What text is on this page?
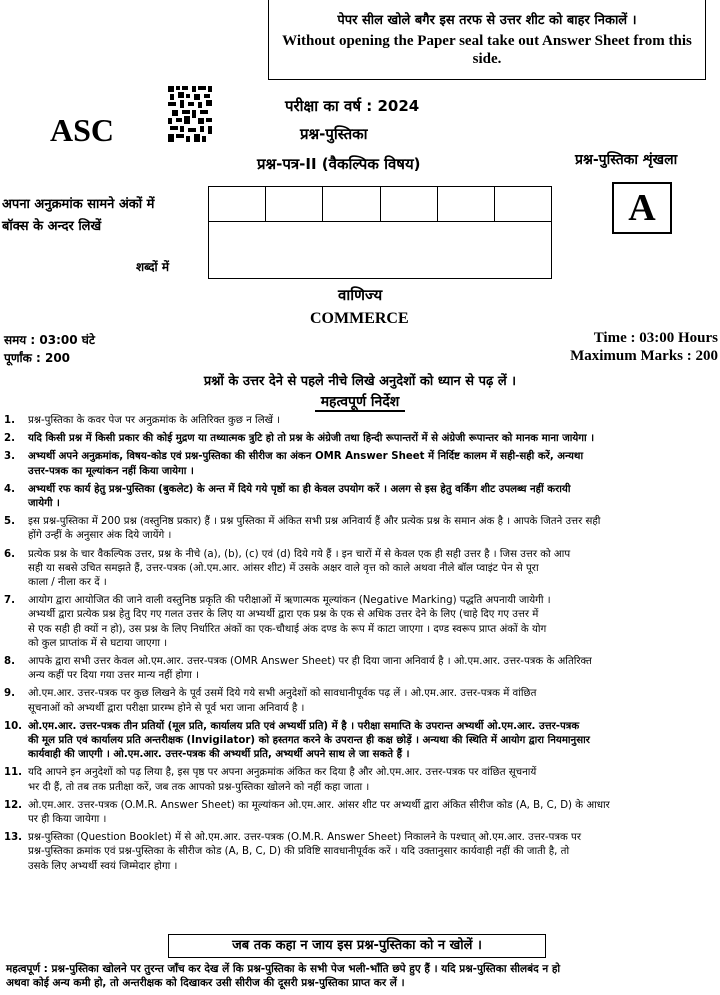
पेपर सील खोले बगैर इस तरफ से उत्तर शीट को बाहर निकालें ।
Without opening the Paper seal take out Answer Sheet from this side.
ASC
परीक्षा का वर्ष : 2024
प्रश्न-पुस्तिका
प्रश्न-पत्र-II (वैकल्पिक विषय)	प्रश्न-पुस्तिका शृंखला
A
अपना अनुक्रमांक सामने अंकों में
बॉक्स के अन्दर लिखें
शब्दों में
वाणिज्य
COMMERCE
समय : 03:00 घंटे
पूर्णांक : 200
Time : 03:00 Hours
Maximum Marks : 200
प्रश्नों के उत्तर देने से पहले नीचे लिखे अनुदेशों को ध्यान से पढ़ लें ।
महत्वपूर्ण निर्देश
1.	प्रश्न-पुस्तिका के कवर पेज पर अनुक्रमांक के अतिरिक्त कुछ न लिखें ।
2.	यदि किसी प्रश्न में किसी प्रकार की कोई मुद्रण या तथ्यात्मक त्रुटि हो तो प्रश्न के अंग्रेजी तथा हिन्दी रूपान्तरों में से अंग्रेजी रूपान्तर को मानक माना जायेगा ।
3.	अभ्यर्थी अपने अनुक्रमांक, विषय-कोड एवं प्रश्न-पुस्तिका की सीरीज का अंकन OMR Answer Sheet में निर्दिष्ट कालम में सही-सही करें, अन्यथा
उत्तर-पत्रक का मूल्यांकन नहीं किया जायेगा ।
4.	अभ्यर्थी रफ कार्य हेतु प्रश्न-पुस्तिका (बुकलेट) के अन्त में दिये गये पृष्ठों का ही केवल उपयोग करें । अलग से इस हेतु वर्किंग शीट उपलब्ध नहीं करायी
जायेगी ।
5.	इस प्रश्न-पुस्तिका में 200 प्रश्न (वस्तुनिष्ठ प्रकार) हैं । प्रश्न पुस्तिका में अंकित सभी प्रश्न अनिवार्य हैं और प्रत्येक प्रश्न के समान अंक है । आपके जितने उत्तर सही
होंगे उन्हीं के अनुसार अंक दिये जायेंगे ।
6.	प्रत्येक प्रश्न के चार वैकल्पिक उत्तर, प्रश्न के नीचे (a), (b), (c) एवं (d) दिये गये हैं । इन चारों में से केवल एक ही सही उत्तर है । जिस उत्तर को आप
सही या सबसे उचित समझते हैं, उत्तर-पत्रक (ओ.एम.आर. आंसर शीट) में उसके अक्षर वाले वृत्त को काले अथवा नीले बॉल प्वाइंट पेन से पूरा
काला / नीला कर दें ।
7.	आयोग द्वारा आयोजित की जाने वाली वस्तुनिष्ठ प्रकृति की परीक्षाओं में ऋणात्मक मूल्यांकन (Negative Marking) पद्धति अपनायी जायेगी ।
अभ्यर्थी द्वारा प्रत्येक प्रश्न हेतु दिए गए गलत उत्तर के लिए या अभ्यर्थी द्वारा एक प्रश्न के एक से अधिक उत्तर देने के लिए (चाहे दिए गए उत्तर में
से एक सही ही क्यों न हो), उस प्रश्न के लिए निर्धारित अंकों का एक-चौथाई अंक दण्ड के रूप में काटा जाएगा । दण्ड स्वरूप प्राप्त अंकों के योग
को कुल प्राप्तांक में से घटाया जाएगा ।
8.	आपके द्वारा सभी उत्तर केवल ओ.एम.आर. उत्तर-पत्रक (OMR Answer Sheet) पर ही दिया जाना अनिवार्य है । ओ.एम.आर. उत्तर-पत्रक के अतिरिक्त
अन्य कहीं पर दिया गया उत्तर मान्य नहीं होगा ।
9.	ओ.एम.आर. उत्तर-पत्रक पर कुछ लिखने के पूर्व उसमें दिये गये सभी अनुदेशों को सावधानीपूर्वक पढ़ लें । ओ.एम.आर. उत्तर-पत्रक में वांछित
सूचनाओं को अभ्यर्थी द्वारा परीक्षा प्रारम्भ होने से पूर्व भरा जाना अनिवार्य है ।
10. ओ.एम.आर. उत्तर-पत्रक तीन प्रतियों (मूल प्रति, कार्यालय प्रति एवं अभ्यर्थी प्रति) में है । परीक्षा समाप्ति के उपरान्त अभ्यर्थी ओ.एम.आर. उत्तर-पत्रक
की मूल प्रति एवं कार्यालय प्रति अन्तरीक्षक (Invigilator) को हस्तगत करने के उपरान्त ही कक्ष छोड़ें । अन्यथा की स्थिति में आयोग द्वारा नियमानुसार
कार्यवाही की जाएगी । ओ.एम.आर. उत्तर-पत्रक की अभ्यर्थी प्रति, अभ्यर्थी अपने साथ ले जा सकते हैं ।
11. यदि आपने इन अनुदेशों को पढ़ लिया है, इस पृष्ठ पर अपना अनुक्रमांक अंकित कर दिया है और ओ.एम.आर. उत्तर-पत्रक पर वांछित सूचनायें
भर दी हैं, तो तब तक प्रतीक्षा करें, जब तक आपको प्रश्न-पुस्तिका खोलने को नहीं कहा जाता ।
12. ओ.एम.आर. उत्तर-पत्रक (O.M.R. Answer Sheet) का मूल्यांकन ओ.एम.आर. आंसर शीट पर अभ्यर्थी द्वारा अंकित सीरीज कोड (A, B, C, D) के आधार
पर ही किया जायेगा ।
13. प्रश्न-पुस्तिका (Question Booklet) में से ओ.एम.आर. उत्तर-पत्रक (O.M.R. Answer Sheet) निकालने के पश्चात् ओ.एम.आर. उत्तर-पत्रक पर
प्रश्न-पुस्तिका क्रमांक एवं प्रश्न-पुस्तिका के सीरीज कोड (A, B, C, D) की प्रविष्टि सावधानीपूर्वक करें । यदि उक्तानुसार कार्यवाही नहीं की जाती है, तो
उसके लिए अभ्यर्थी स्वयं जिम्मेदार होगा ।
जब तक कहा न जाय इस प्रश्न-पुस्तिका को न खोलें ।
महत्वपूर्ण : प्रश्न-पुस्तिका खोलने पर तुरन्त जाँच कर देख लें कि प्रश्न-पुस्तिका के सभी पेज भली-भाँति छपे हुए हैं । यदि प्रश्न-पुस्तिका सीलबंद न हो
अथवा कोई अन्य कमी हो, तो अन्तरीक्षक को दिखाकर उसी सीरीज की दूसरी प्रश्न-पुस्तिका प्राप्त कर लें ।
